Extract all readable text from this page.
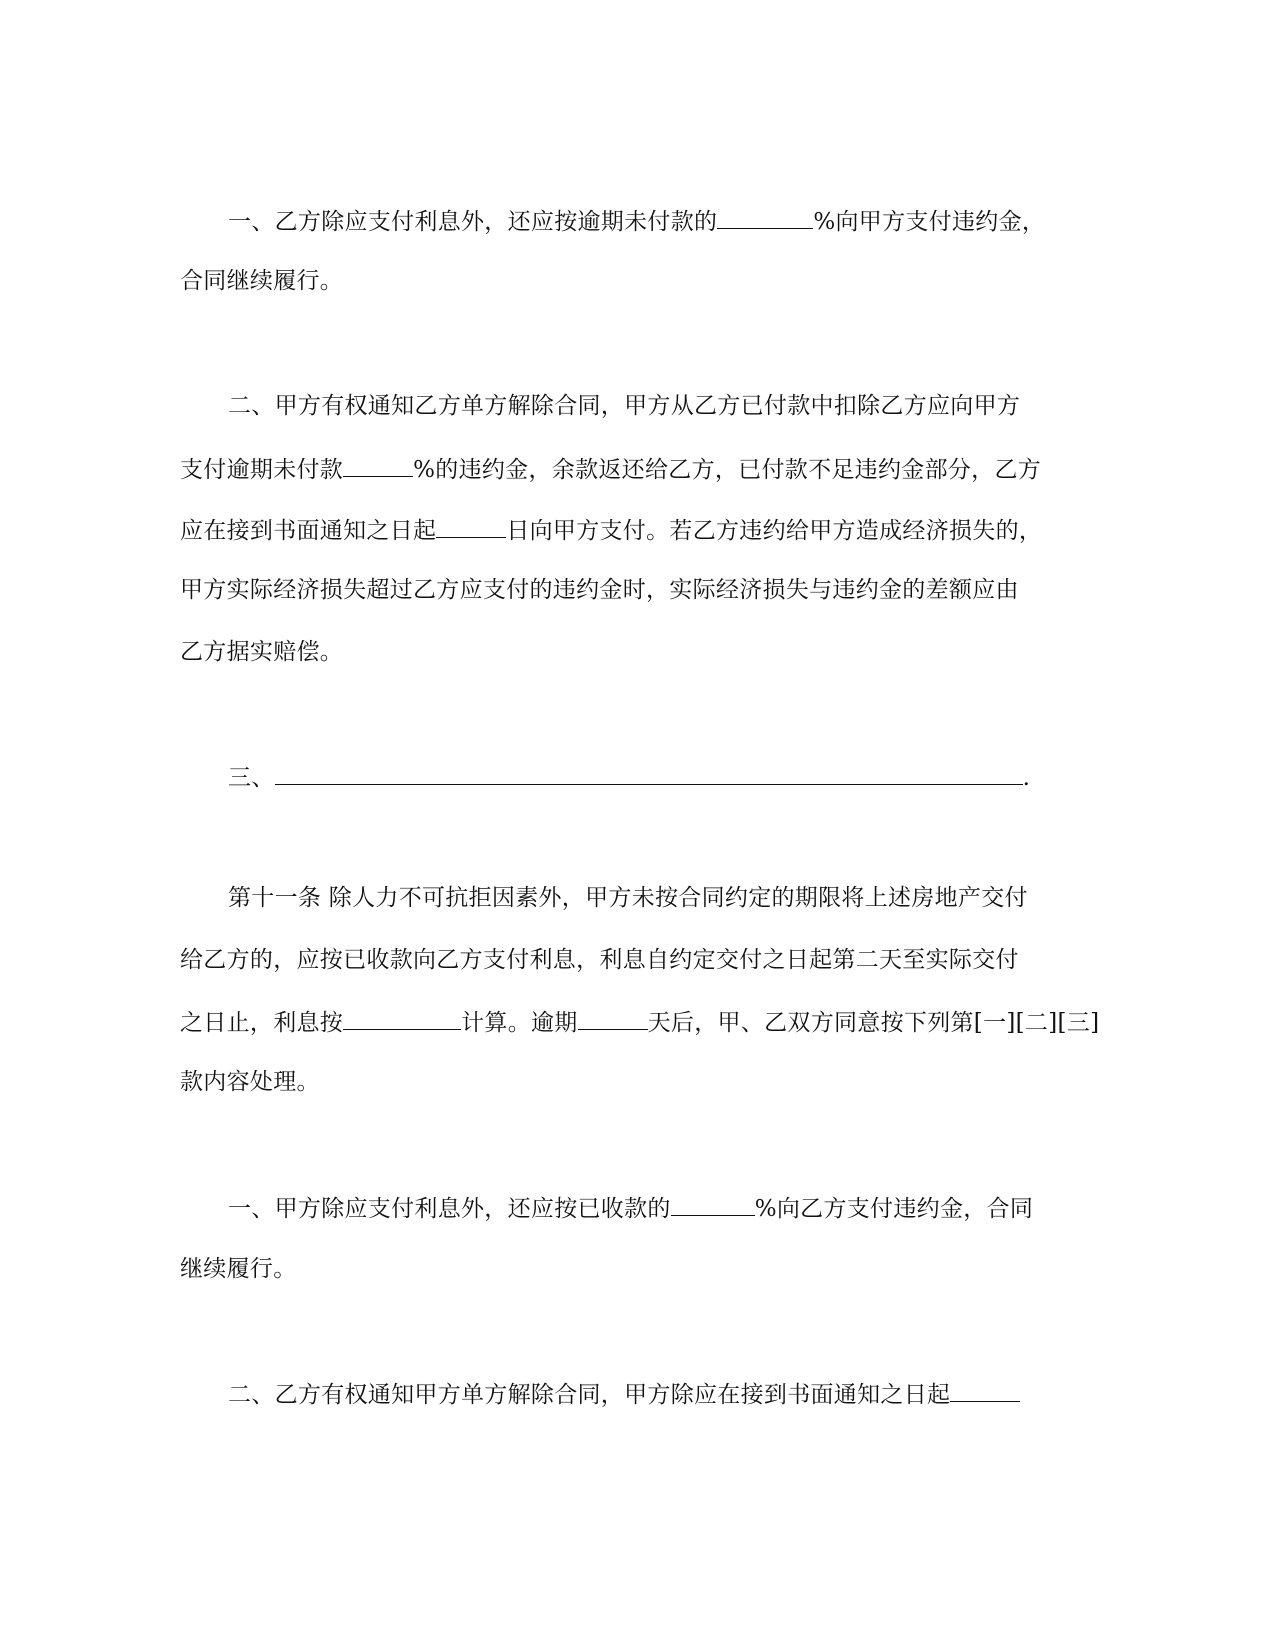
一、乙方除应支付利息外，还应按逾期未付款的	%向甲方支付违约金，
合同继续履行。
二、甲方有权通知乙方单方解除合同，甲方从乙方已付款中扣除乙方应向甲方
支付逾期未付款	%的违约金，余款返还给乙方，已付款不足违约金部分，乙方
应在接到书面通知之日起	日向甲方支付。若乙方违约给甲方造成经济损失的，
甲方实际经济损失超过乙方应支付的违约金时，实际经济损失与违约金的差额应由
乙方据实赔偿。
三、	.
第十一条 除人力不可抗拒因素外，甲方未按合同约定的期限将上述房地产交付
给乙方的，应按已收款向乙方支付利息，利息自约定交付之日起第二天至实际交付
之日止，利息按	计算。逾期	天后，甲、乙双方同意按下列第[一][二][三]
款内容处理。
一、甲方除应支付利息外，还应按已收款的	%向乙方支付违约金，合同
继续履行。
二、乙方有权通知甲方单方解除合同，甲方除应在接到书面通知之日起
